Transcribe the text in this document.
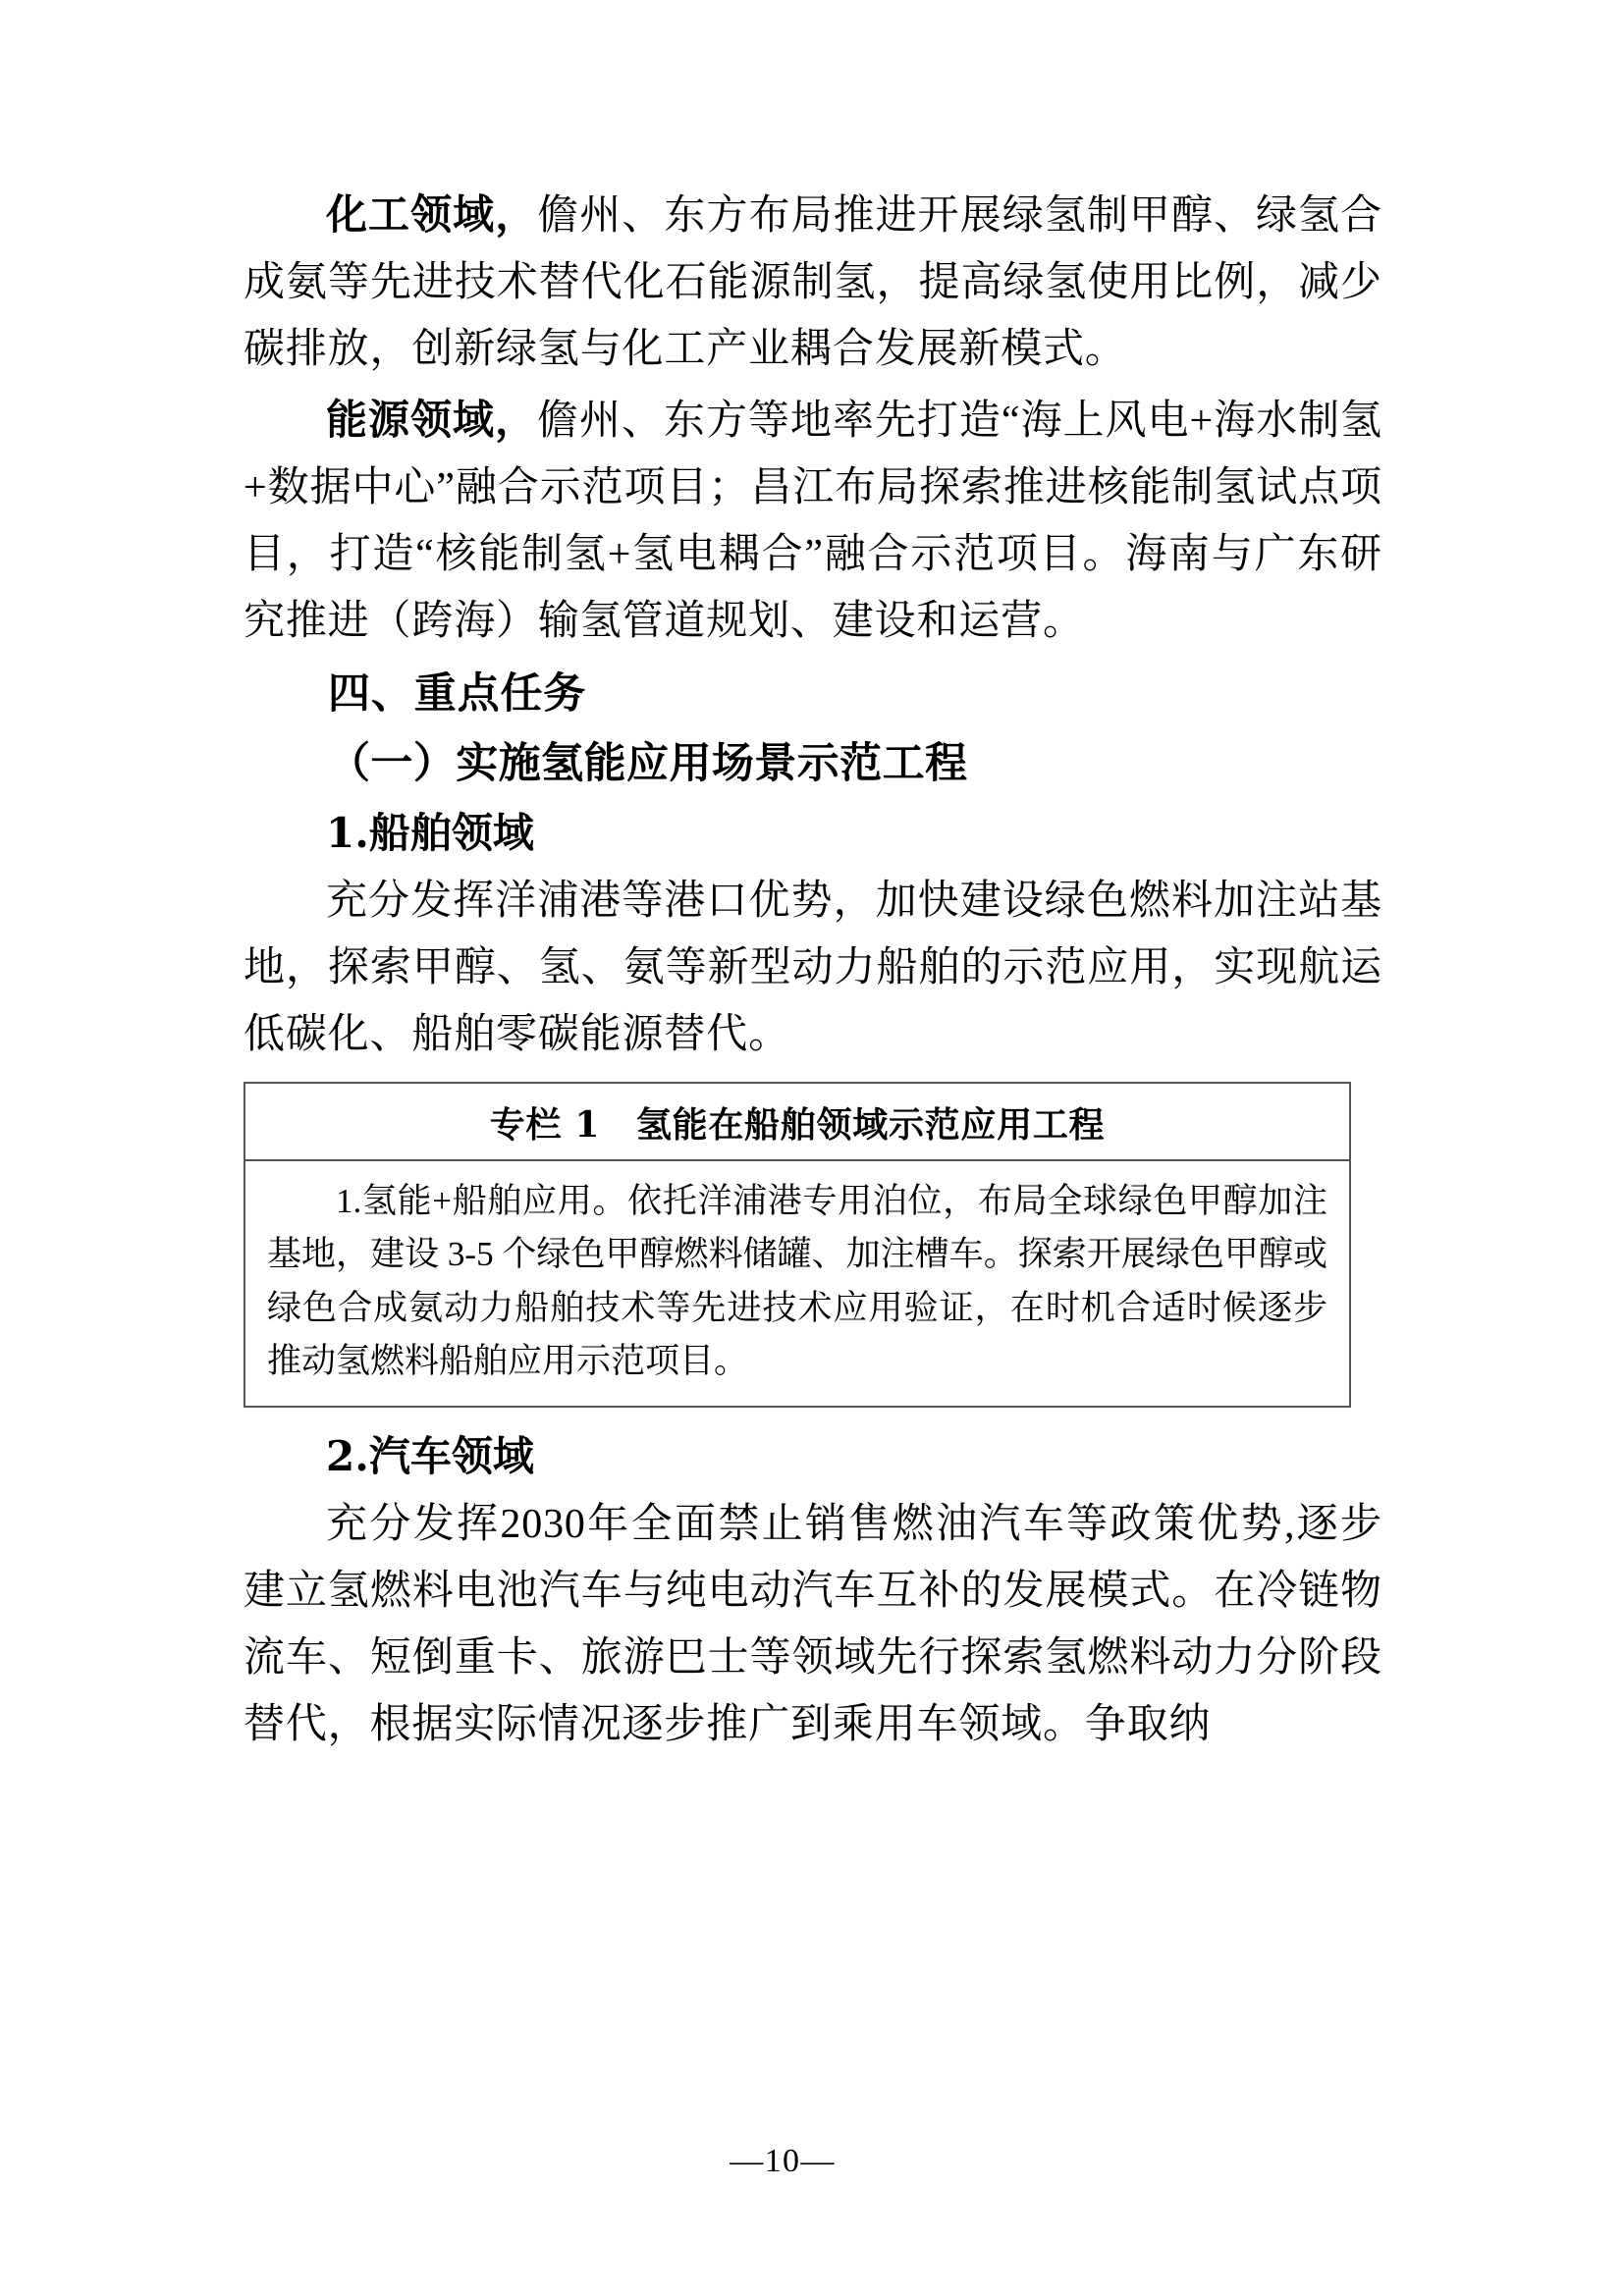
化工领域，儋州、东方布局推进开展绿氢制甲醇、绿氢合成氨等先进技术替代化石能源制氢，提高绿氢使用比例，减少碳排放，创新绿氢与化工产业耦合发展新模式。

能源领域，儋州、东方等地率先打造“海上风电+海水制氢+数据中心”融合示范项目；昌江布局探索推进核能制氢试点项目，打造“核能制氢+氢电耦合”融合示范项目。海南与广东研究推进（跨海）输氢管道规划、建设和运营。

四、重点任务
（一）实施氢能应用场景示范工程
1.船舶领域

充分发挥洋浦港等港口优势，加快建设绿色燃料加注站基地，探索甲醇、氢、氨等新型动力船舶的示范应用，实现航运低碳化、船舶零碳能源替代。

专栏 1　氢能在船舶领域示范应用工程
1.氢能+船舶应用。依托洋浦港专用泊位，布局全球绿色甲醇加注基地，建设 3-5 个绿色甲醇燃料储罐、加注槽车。探索开展绿色甲醇或绿色合成氨动力船舶技术等先进技术应用验证，在时机合适时候逐步推动氢燃料船舶应用示范项目。
2.汽车领域

充分发挥2030年全面禁止销售燃油汽车等政策优势,逐步建立氢燃料电池汽车与纯电动汽车互补的发展模式。在冷链物流车、短倒重卡、旅游巴士等领域先行探索氢燃料动力分阶段替代，根据实际情况逐步推广到乘用车领域。争取纳

—10—
